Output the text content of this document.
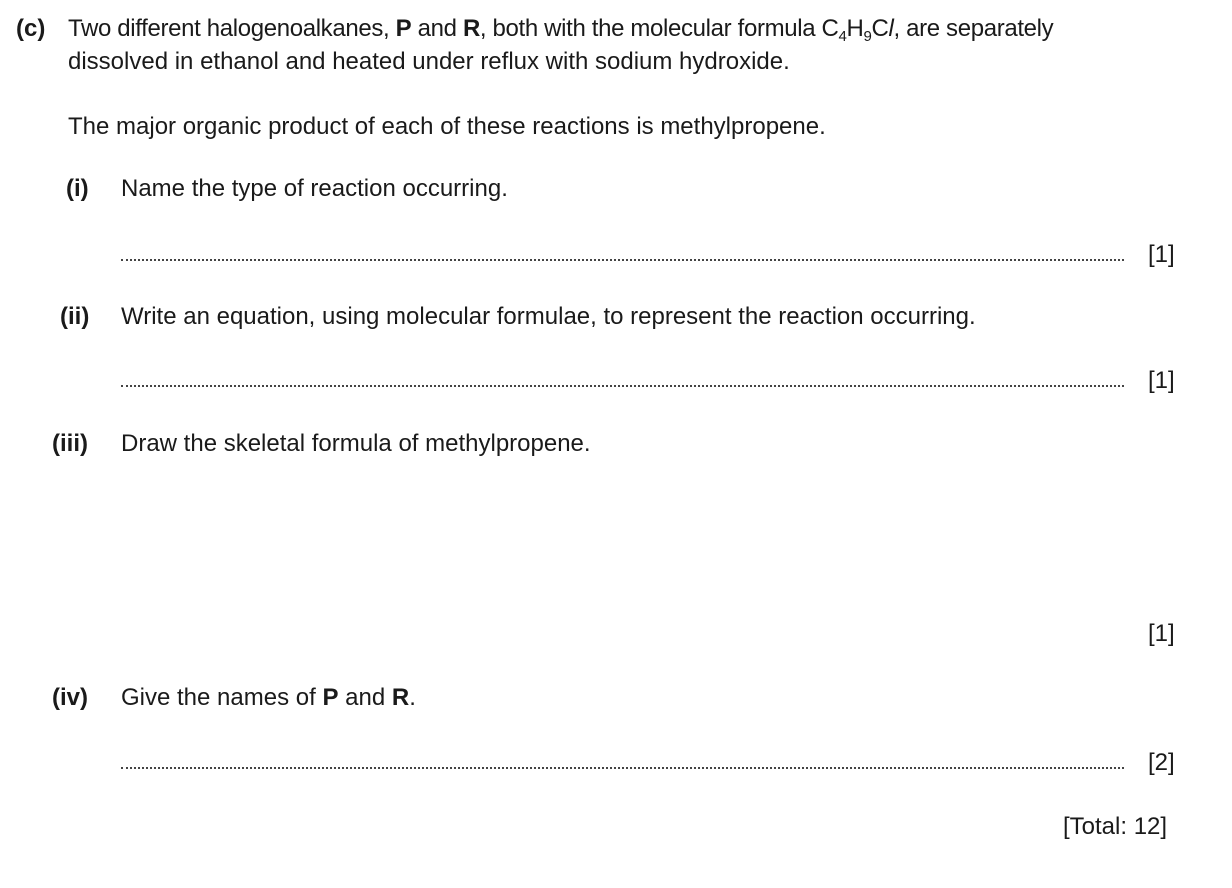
(c) Two different halogenoalkanes, P and R, both with the molecular formula $C_4H_9Cl$, are separately
dissolved in ethanol and heated under reflux with sodium hydroxide.
The major organic product of each of these reactions is methylpropene.
(i) Name the type of reaction occurring.
[1]
(ii) Write an equation, using molecular formulae, to represent the reaction occurring.
[1]
(iii) Draw the skeletal formula of methylpropene.
[1]
(iv) Give the names of P and R.
[2]
[Total: 12]
